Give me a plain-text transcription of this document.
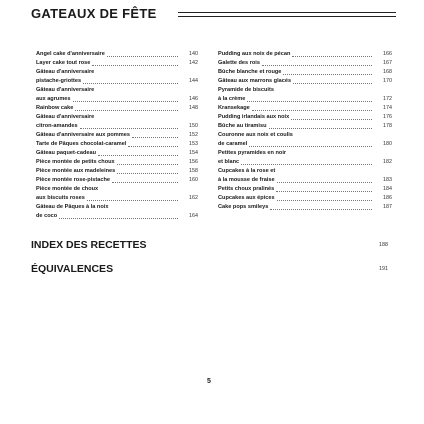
GATEAUX DE FÊTE
Angel cake d'anniversaire	140
Layer cake tout rose	142
Gâteau d'anniversaire
pistache-griottes	144
Gâteau d'anniversaire
aux agrumes	146
Rainbow cake	148
Gâteau d'anniversaire
citron-amandes	150
Gâteau d'anniversaire aux pommes	152
Tarte de Pâques chocolat-caramel	153
Gâteau paquet-cadeau	154
Pièce montée de petits choux	156
Pièce montée aux madeleines	158
Pièce montée rose-pistache	160
Pièce montée de choux
aux biscuits roses	162
Gâteau de Pâques à la noix
de coco	164
Pudding aux noix de pécan	166
Galette des rois	167
Bûche blanche et rouge	168
Gâteau aux marrons glacés	170
Pyramide de biscuits
à la crème	172
Kransekage	174
Pudding irlandais aux noix	176
Bûche au tiramisu	178
Couronne aux noix et coulis
de caramel	180
Petites pyramides en noir
et blanc	182
Cupcakes à la rose et
à la mousse de fraise	183
Petits choux pralinés	184
Cupcakes aux épices	186
Cake pops smileys	187
INDEX DES RECETTES	188
ÉQUIVALENCES	191
5
